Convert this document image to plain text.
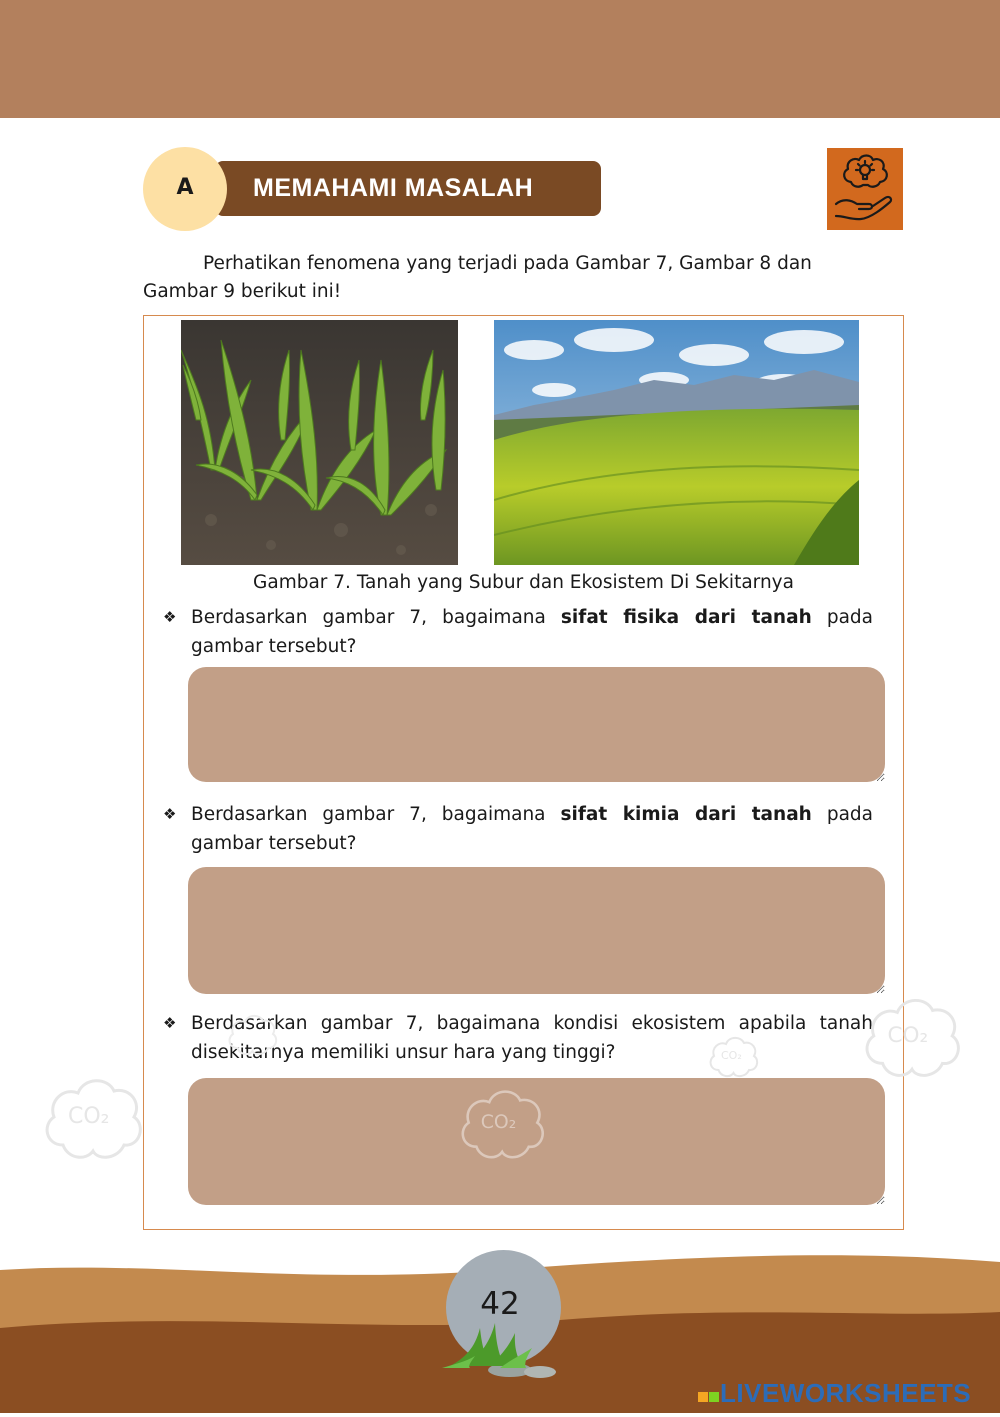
A	MEMAHAMI MASALAH
Perhatikan fenomena yang terjadi pada Gambar 7, Gambar 8 dan Gambar 9 berikut ini!
Gambar 7. Tanah yang Subur dan Ekosistem Di Sekitarnya
❖ Berdasarkan gambar 7, bagaimana sifat fisika dari tanah pada gambar tersebut?
❖ Berdasarkan gambar 7, bagaimana sifat kimia dari tanah pada gambar tersebut?
❖ Berdasarkan gambar 7, bagaimana kondisi ekosistem apabila tanah disekitarnya memiliki unsur hara yang tinggi?
CO₂	CO₂
CO₂
CO₂
42
LIVEWORKSHEETS
